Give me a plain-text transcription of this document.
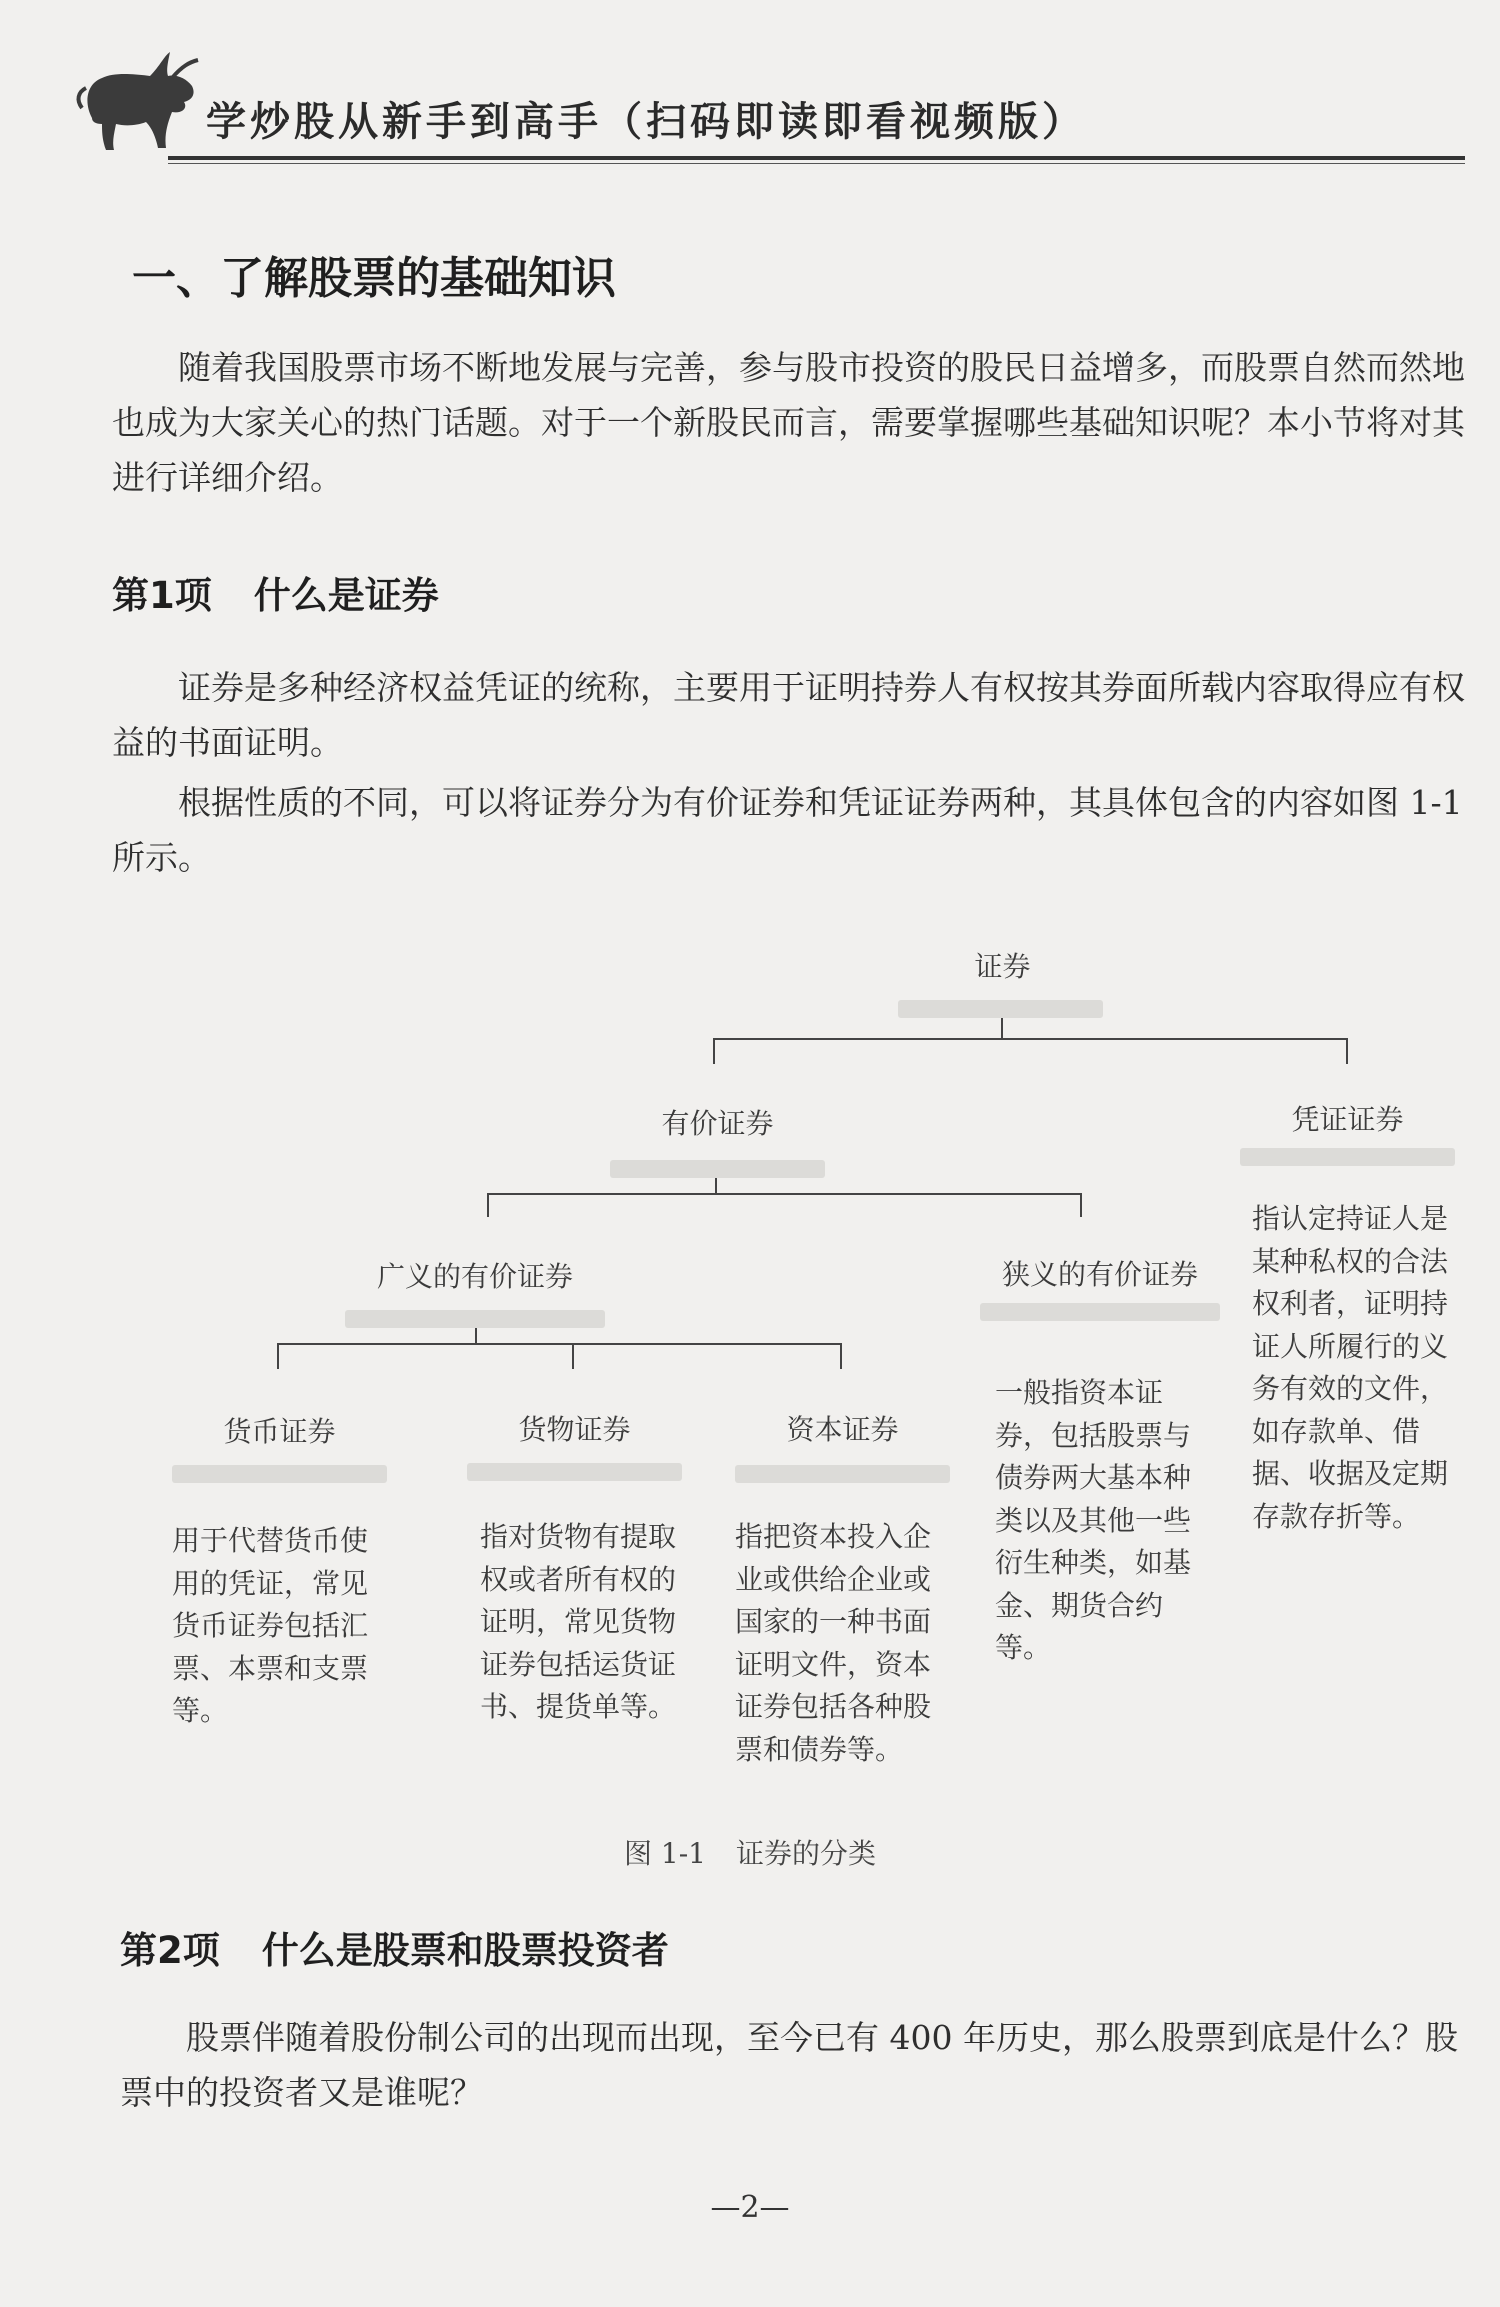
学炒股从新手到高手（扫码即读即看视频版）
一、了解股票的基础知识

随着我国股票市场不断地发展与完善，参与股市投资的股民日益增多，而股票自然而然地也成为大家关心的热门话题。对于一个新股民而言，需要掌握哪些基础知识呢？本小节将对其进行详细介绍。

第1项 什么是证券

证券是多种经济权益凭证的统称，主要用于证明持券人有权按其券面所载内容取得应有权益的书面证明。

根据性质的不同，可以将证券分为有价证券和凭证证券两种，其具体包含的内容如图 1-1 所示。

证券
有价证券	凭证证券
广义的有价证券	狭义的有价证券
货币证券	货物证券	资本证券
指认定持证人是某种私权的合法权利者，证明持证人所履行的义务有效的文件，如存款单、借据、收据及定期存款存折等。
一般指资本证券，包括股票与债券两大基本种类以及其他一些衍生种类，如基金、期货合约等。
用于代替货币使用的凭证，常见货币证券包括汇票、本票和支票等。
指对货物有提取权或者所有权的证明，常见货物证券包括运货证书、提货单等。
指把资本投入企业或供给企业或国家的一种书面证明文件，资本证券包括各种股票和债券等。
图 1-1 证券的分类
第2项 什么是股票和股票投资者

股票伴随着股份制公司的出现而出现，至今已有 400 年历史，那么股票到底是什么？股票中的投资者又是谁呢？

—2—
